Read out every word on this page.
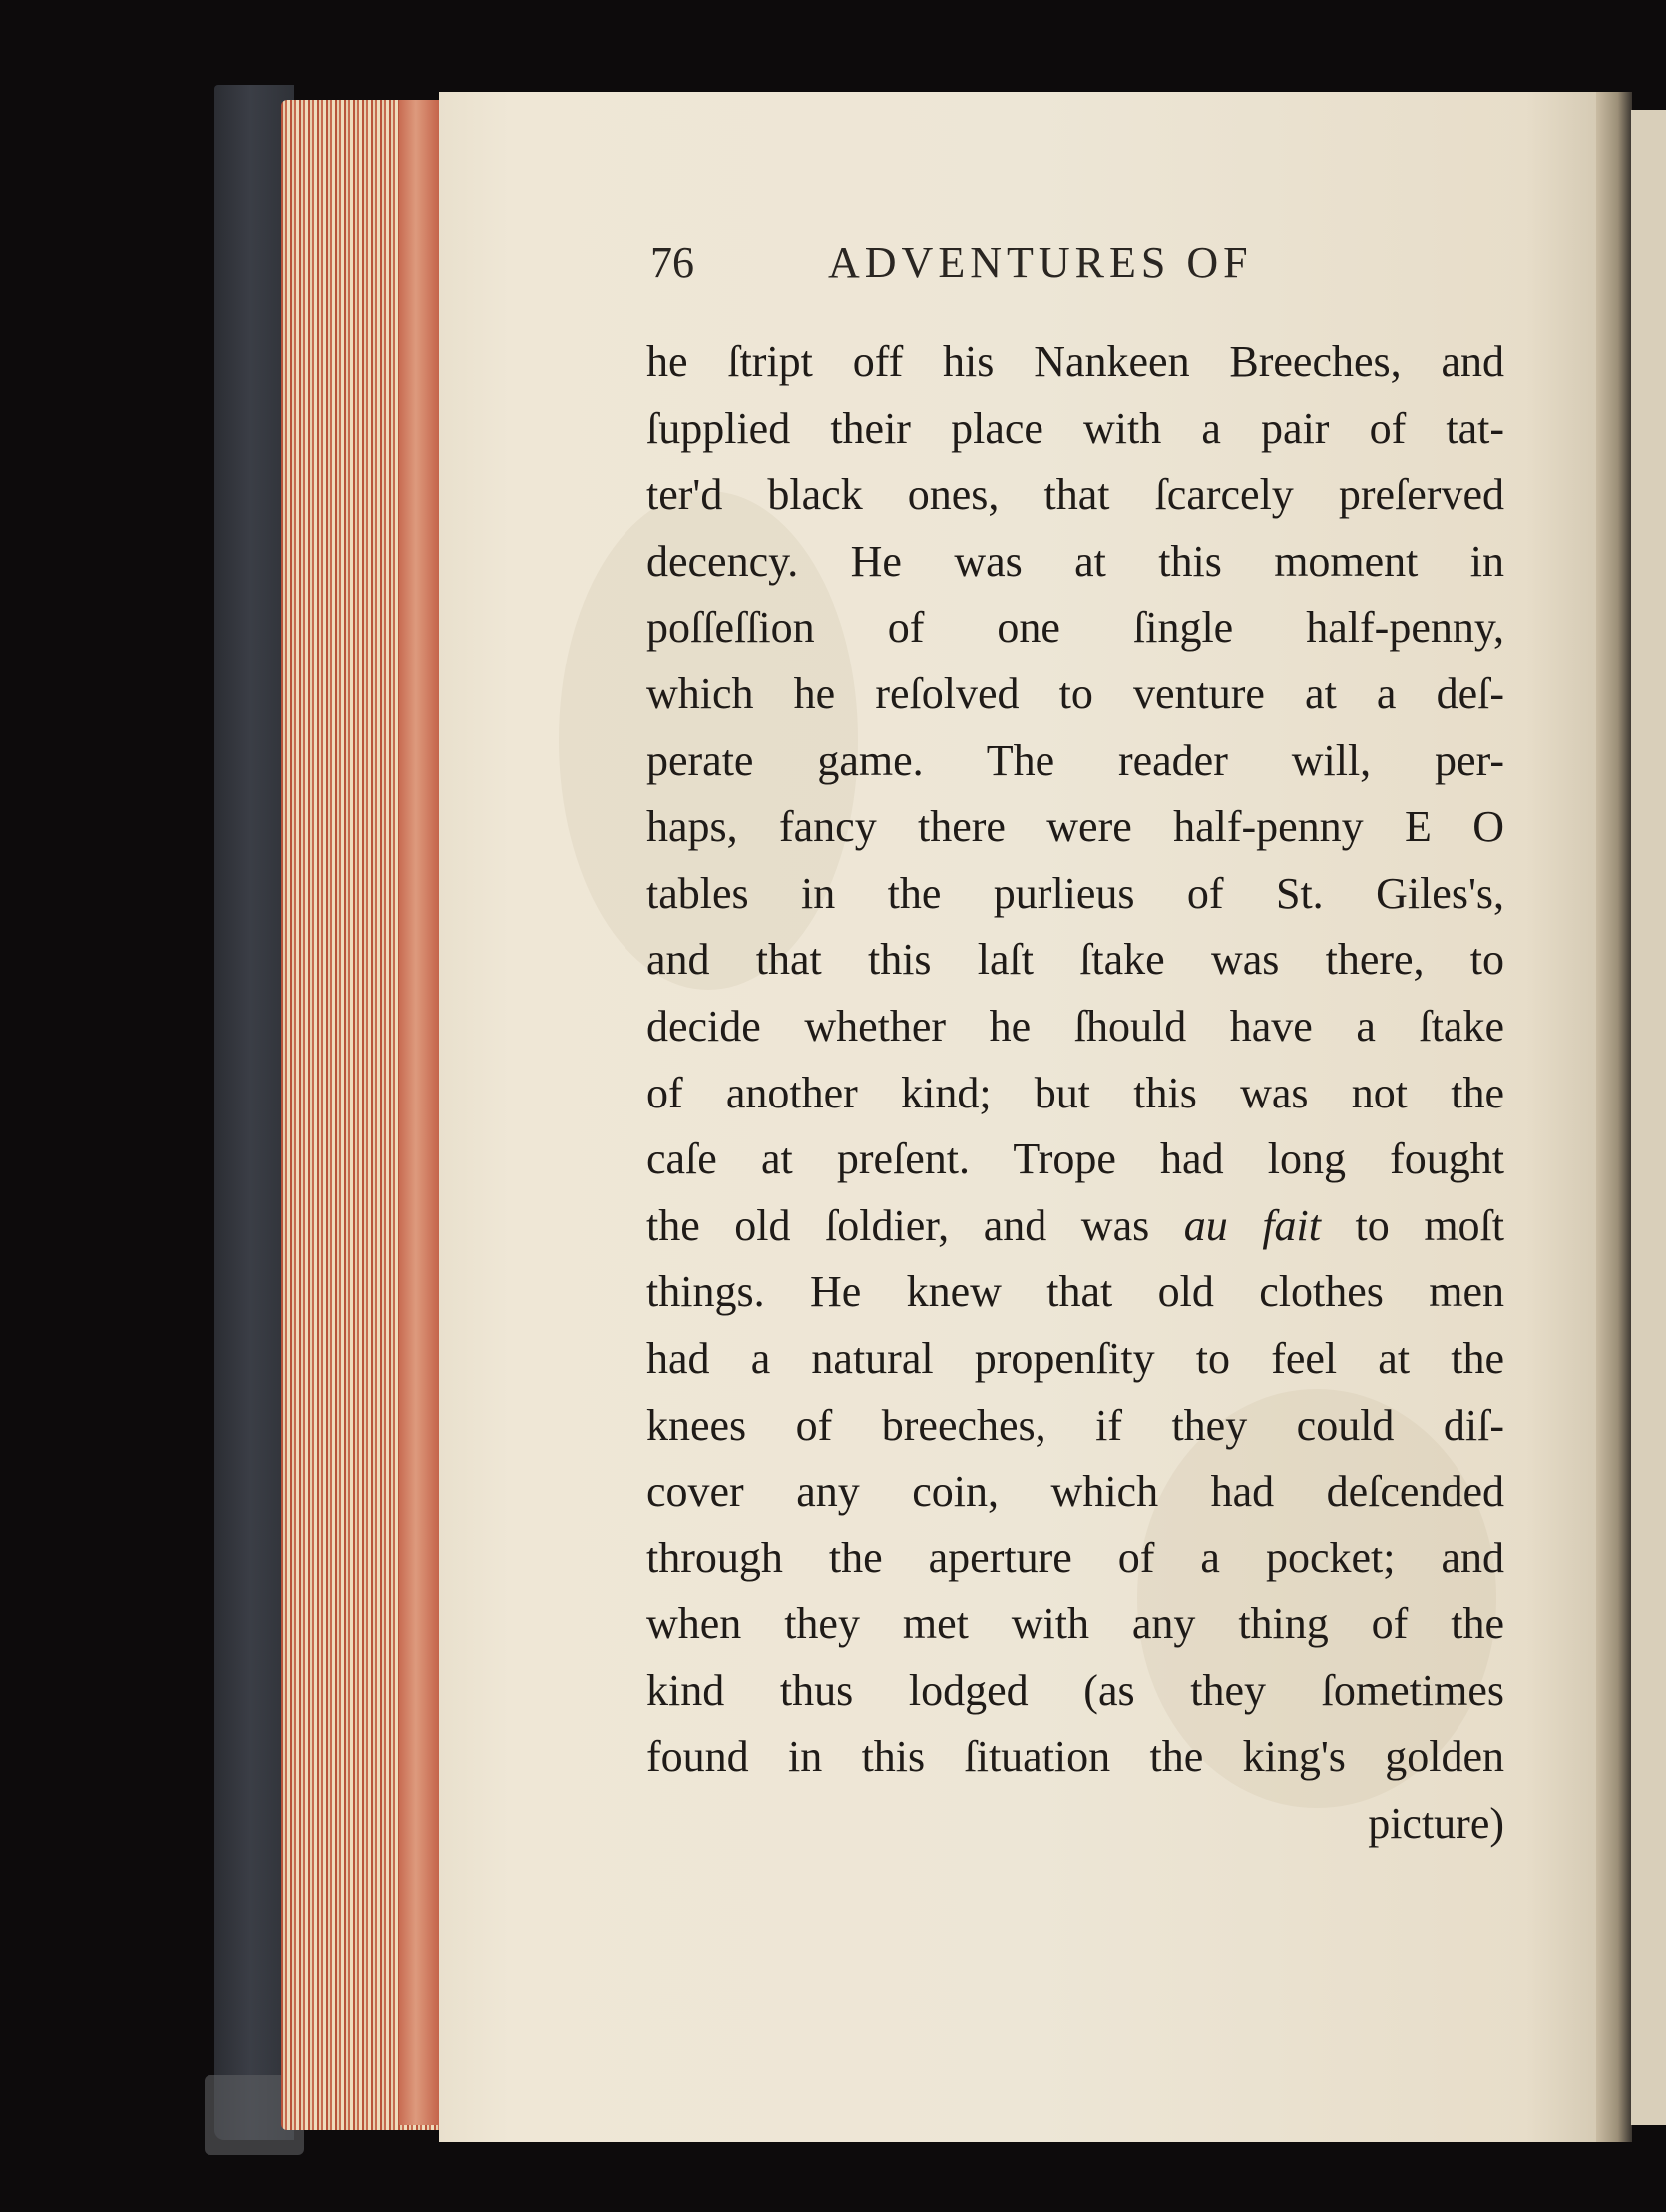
76	ADVENTURES OF
he ſtript off his Nankeen Breeches, and
ſupplied their place with a pair of tat-
ter'd black ones, that ſcarcely preſerved
decency. He was at this moment in
poſſeſſion of one ſingle half-penny,
which he reſolved to venture at a deſ-
perate game. The reader will, per-
haps, fancy there were half-penny E O
tables in the purlieus of St. Giles's,
and that this laſt ſtake was there, to
decide whether he ſhould have a ſtake
of another kind; but this was not the
caſe at preſent. Trope had long fought
the old ſoldier, and was au fait to moſt
things. He knew that old clothes men
had a natural propenſity to feel at the
knees of breeches, if they could diſ-
cover any coin, which had deſcended
through the aperture of a pocket; and
when they met with any thing of the
kind thus lodged (as they ſometimes
found in this ſituation the king's golden
picture)
